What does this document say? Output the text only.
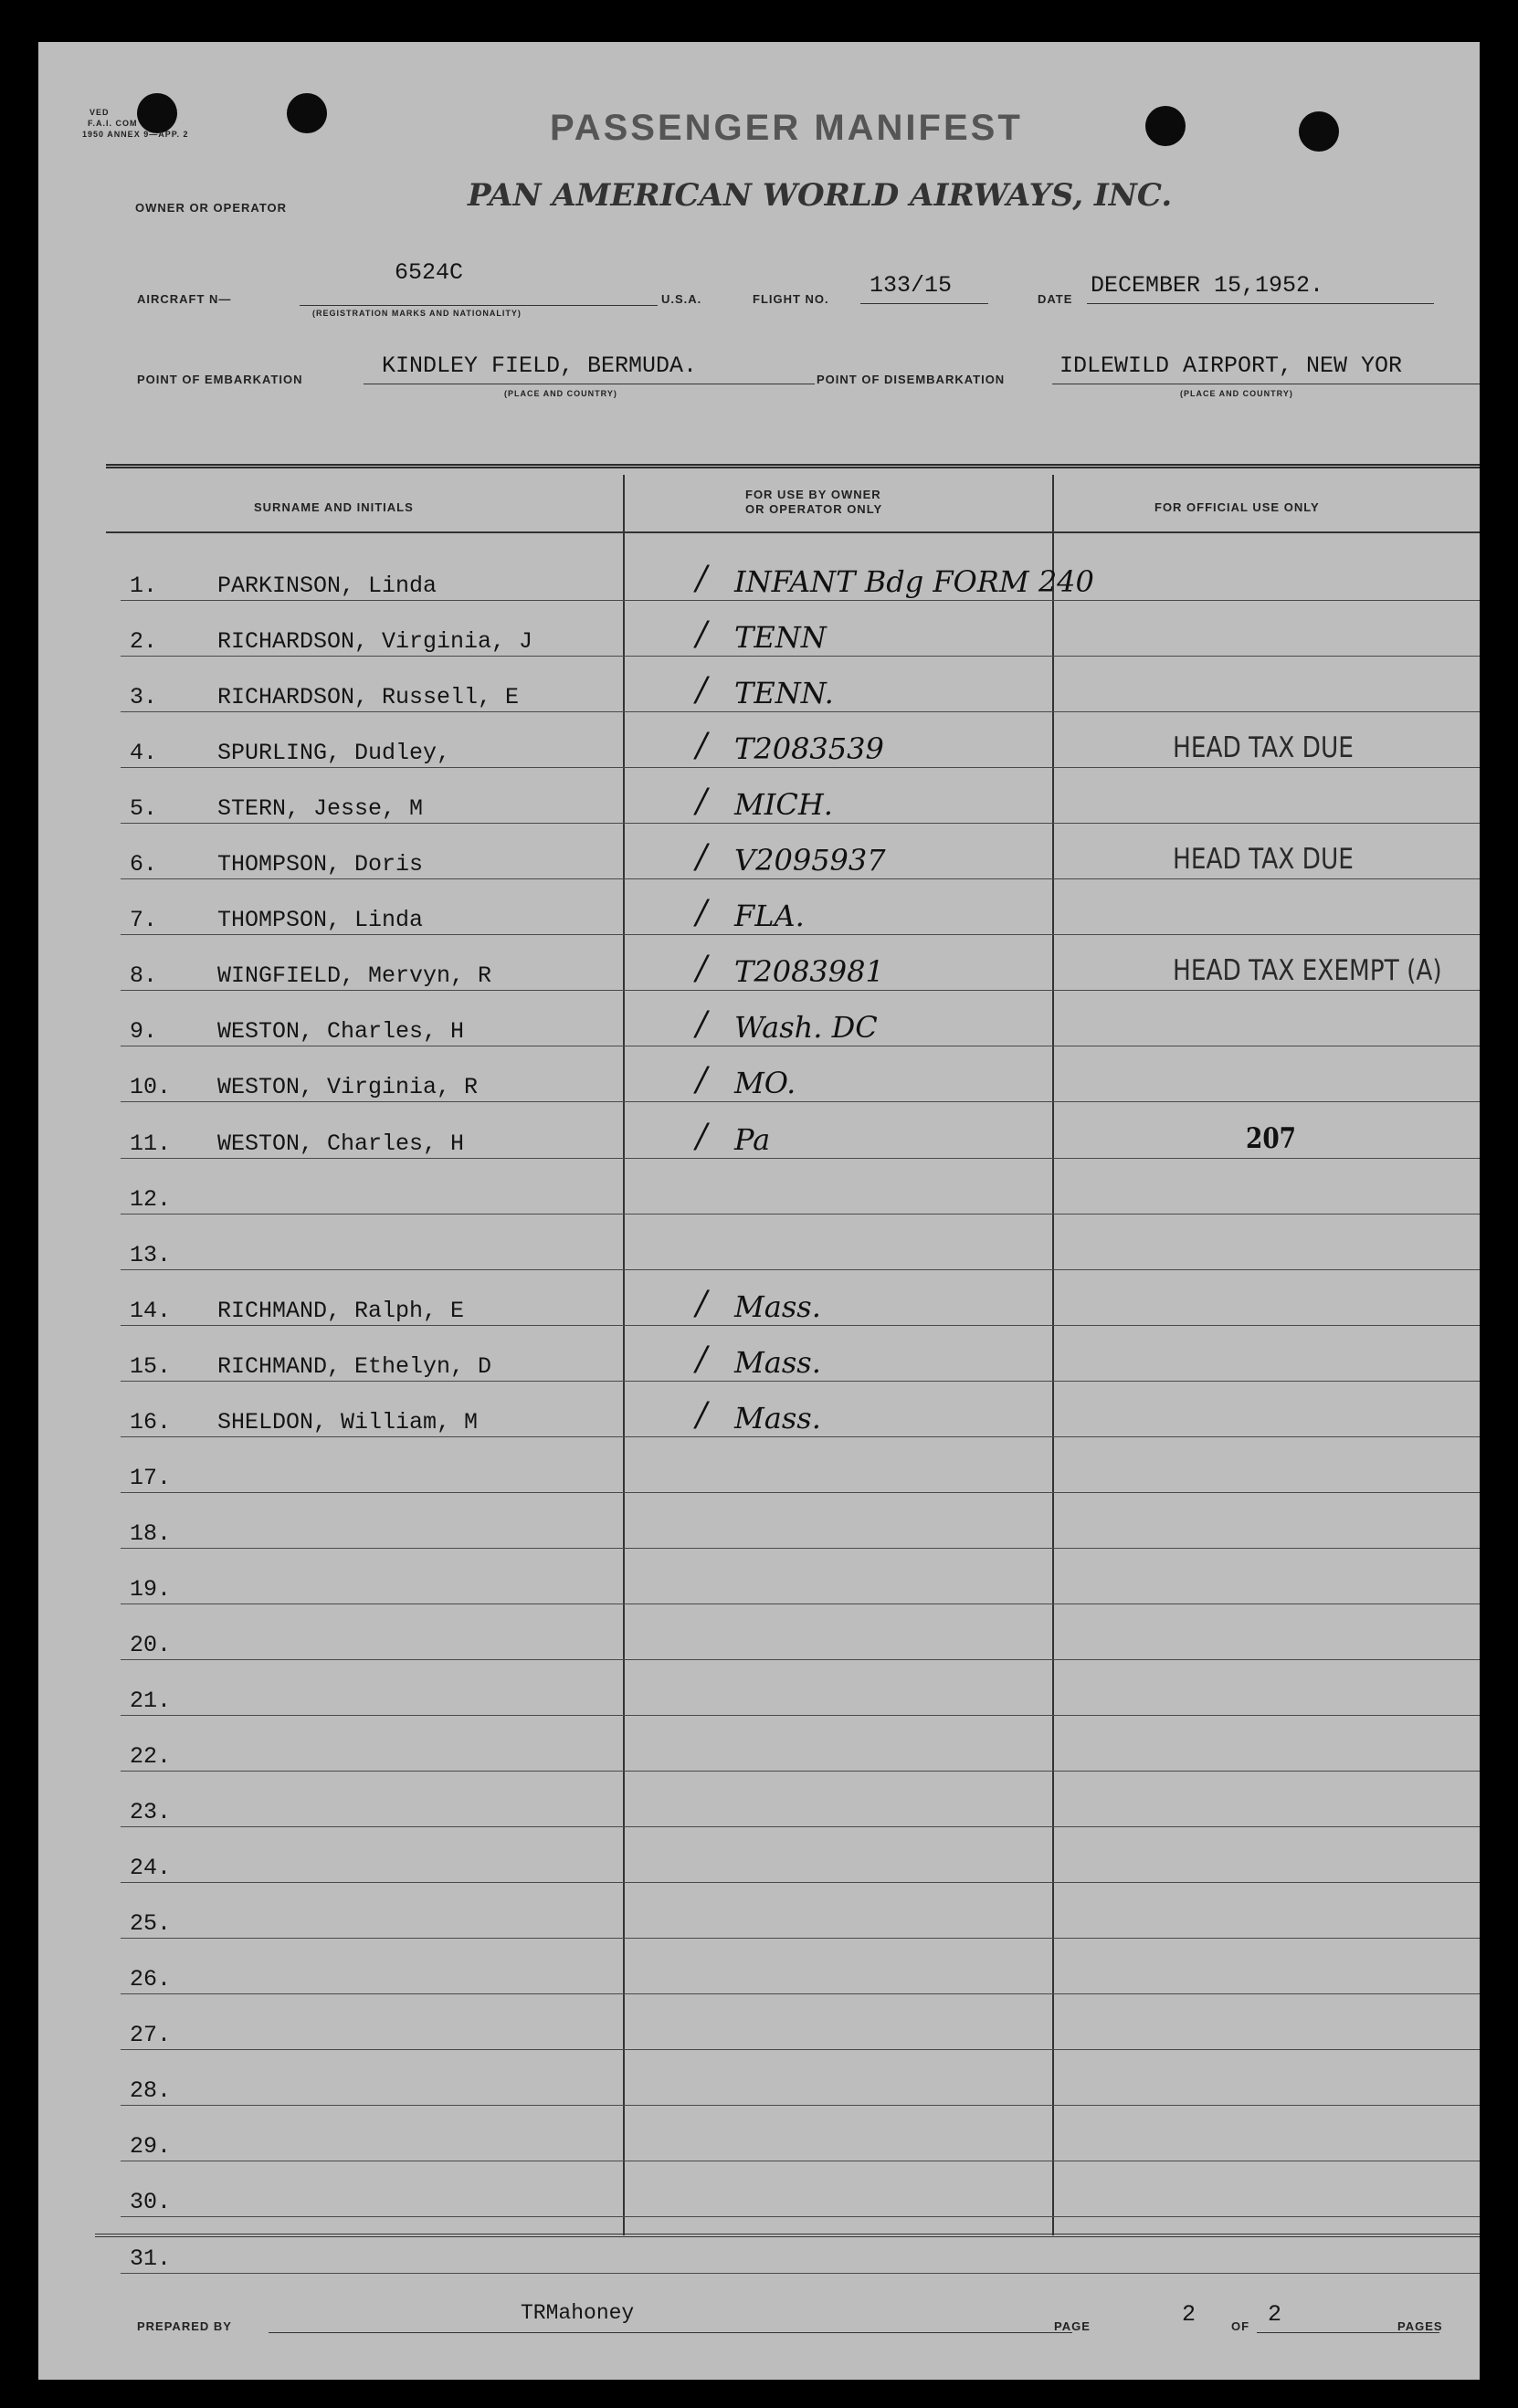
VED
F.A.I. COM
1950 ANNEX 9—APP. 2	PASSENGER MANIFEST
OWNER OR OPERATOR	PAN AMERICAN WORLD AIRWAYS, INC.
AIRCRAFT N—
6524C
(REGISTRATION MARKS AND NATIONALITY)
U.S.A.	FLIGHT NO.
133/15
DATE
DECEMBER 15,1952.
POINT OF EMBARKATION
KINDLEY FIELD, BERMUDA.
(PLACE AND COUNTRY)
POINT OF DISEMBARKATION
IDLEWILD AIRPORT, NEW YOR
(PLACE AND COUNTRY)
SURNAME AND INITIALS
FOR USE BY OWNER
OR OPERATOR ONLY	FOR OFFICIAL USE ONLY
1.	PARKINSON, Linda	/ INFANT Bdg FORM 240
2.	RICHARDSON, Virginia, J	/ TENN
3.	RICHARDSON, Russell, E	/ TENN.
4.	SPURLING, Dudley,	/ T2083539	HEAD TAX DUE
5.	STERN, Jesse, M	/ MICH.
6.	THOMPSON, Doris	/ V2095937	HEAD TAX DUE
7.	THOMPSON, Linda	/ FLA.
8.	WINGFIELD, Mervyn, R	/ T2083981	HEAD TAX EXEMPT (A)
9.	WESTON, Charles, H	/ Wash. DC
10. WESTON, Virginia, R	/ MO.
11. WESTON, Charles, H	/ Pa	207
12.
13.
14. RICHMAND, Ralph, E	/ Mass.
15. RICHMAND, Ethelyn, D	/ Mass.
16. SHELDON, William, M	/ Mass.
17.
18.
19.
20.
21.
22.
23.
24.
25.
26.
27.
28.
29.
30.
31.
PREPARED BY
TRMahoney
PAGE	2	OF 2	PAGES
